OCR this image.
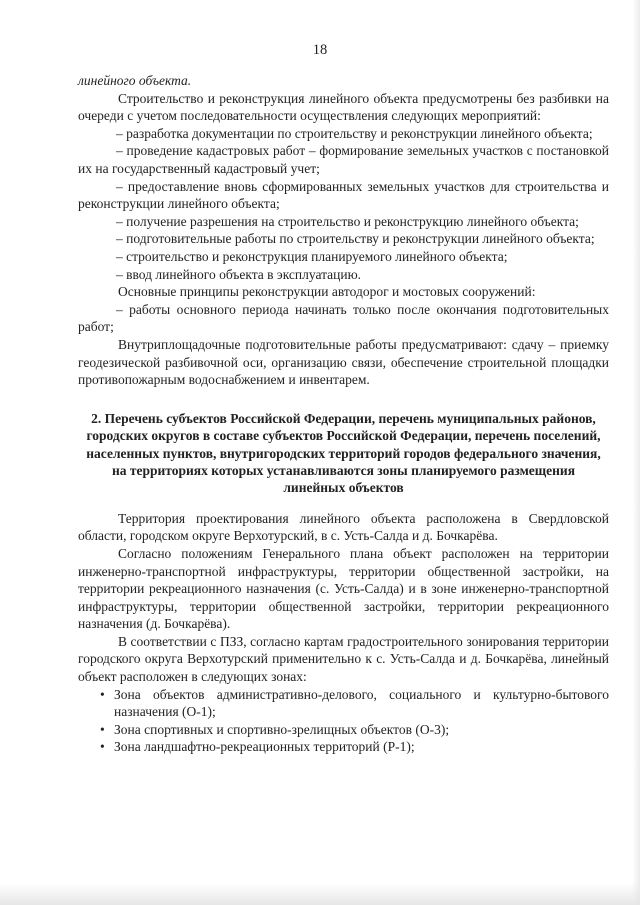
18

линейного объекта.

Строительство и реконструкция линейного объекта предусмотрены без разбивки на очереди с учетом последовательности осуществления следующих мероприятий:

– разработка документации по строительству и реконструкции линейного объекта;

– проведение кадастровых работ – формирование земельных участков с постановкой их на государственный кадастровый учет;

– предоставление вновь сформированных земельных участков для строительства и реконструкции линейного объекта;

– получение разрешения на строительство и реконструкцию линейного объекта;

– подготовительные работы по строительству и реконструкции линейного объекта;

– строительство и реконструкция планируемого линейного объекта;

– ввод линейного объекта в эксплуатацию.

Основные принципы реконструкции автодорог и мостовых сооружений:

– работы основного периода начинать только после окончания подготовительных работ;

Внутриплощадочные подготовительные работы предусматривают: сдачу – приемку геодезической разбивочной оси, организацию связи, обеспечение строительной площадки противопожарным водоснабжением и инвентарем.

2. Перечень субъектов Российской Федерации, перечень муниципальных районов, городских округов в составе субъектов Российской Федерации, перечень поселений, населенных пунктов, внутригородских территорий городов федерального значения, на территориях которых устанавливаются зоны планируемого размещения линейных объектов

Территория проектирования линейного объекта расположена в Свердловской области, городском округе Верхотурский, в с. Усть-Салда и д. Бочкарёва.

Согласно положениям Генерального плана объект расположен на территории инженерно-транспортной инфраструктуры, территории общественной застройки, на территории рекреационного назначения (с. Усть-Салда) и в зоне инженерно-транспортной инфраструктуры, территории общественной застройки, территории рекреационного назначения (д. Бочкарёва).

В соответствии с ПЗЗ, согласно картам градостроительного зонирования территории городского округа Верхотурский применительно к с. Усть-Салда и д. Бочкарёва, линейный объект расположен в следующих зонах:

• Зона объектов административно-делового, социального и культурно-бытового назначения (О-1);
• Зона спортивных и спортивно-зрелищных объектов (О-3);
• Зона ландшафтно-рекреационных территорий (Р-1);
